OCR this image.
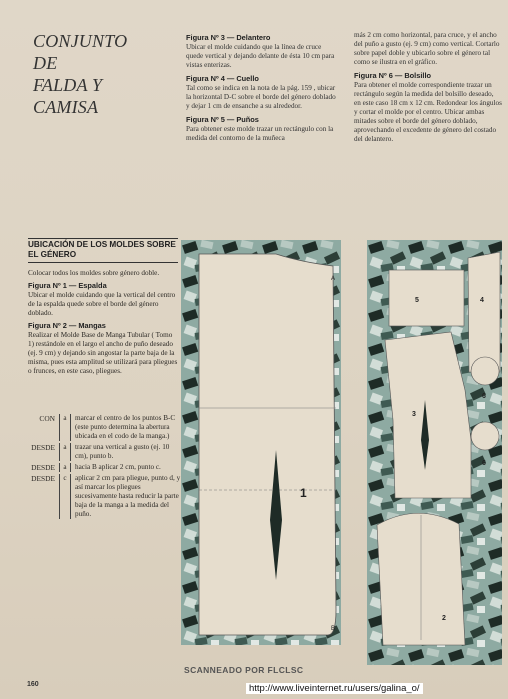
CONJUNTO
DE
FALDA Y
CAMISA

Figura Nº 3 — Delantero
Ubicar el molde cuidando que la línea de cruce quede vertical y dejando delante de ésta 10 cm para vistas enterizas.

Figura Nº 4 — Cuello
Tal como se indica en la nota de la pág. 159 , ubicar la horizontal D-C sobre el borde del género doblado y dejar 1 cm de ensanche a su alrededor.

Figura Nº 5 — Puños
Para obtener este molde trazar un rectángulo con la medida del contorno de la muñeca

más 2 cm como horizontal, para cruce, y el ancho del puño a gusto (ej. 9 cm) como vertical. Cortarlo sobre papel doble y ubicarlo sobre el género tal como se ilustra en el gráfico.

Figura Nº 6 — Bolsillo
Para obtener el molde correspondiente trazar un rectángulo según la medida del bolsillo deseado, en este caso 18 cm x 12 cm. Redondear los ángulos y cortar el molde por el centro. Ubicar ambas mitades sobre el borde del género doblado, aprovechando el excedente de género del costado del delantero.

UBICACIÓN DE LOS MOLDES SOBRE EL GÉNERO

Colocar todos los moldes sobre género doble.

Figura Nº 1 — Espalda
Ubicar el molde cuidando que la vertical del centro de la espalda quede sobre el borde del género doblado.

Figura Nº 2 — Mangas
Realizar el Molde Base de Manga Tubular ( Tomo 1) restándole en el largo el ancho de puño deseado (ej. 9 cm) y dejando sin angostar la parte baja de la misma, pues esta amplitud se utilizará para pliegues o frunces, en este caso, pliegues.

CON	a	marcar el centro de los puntos B-C (este punto determina la abertura ubicada en el codo de la manga.)
DESDE	a	trazar una vertical a gusto (ej. 10 cm), punto b.
DESDE	a	hacia B aplicar 2 cm, punto c.
DESDE	c	aplicar 2 cm para pliegue, punto d, y así marcar los pliegues sucesivamente hasta reducir la parte baja de la manga a la medida del puño.
1
A
B
5	4
3
6
6
2
SCANNEADO POR FLCLSC
160	http://www.liveinternet.ru/users/galina_o/
